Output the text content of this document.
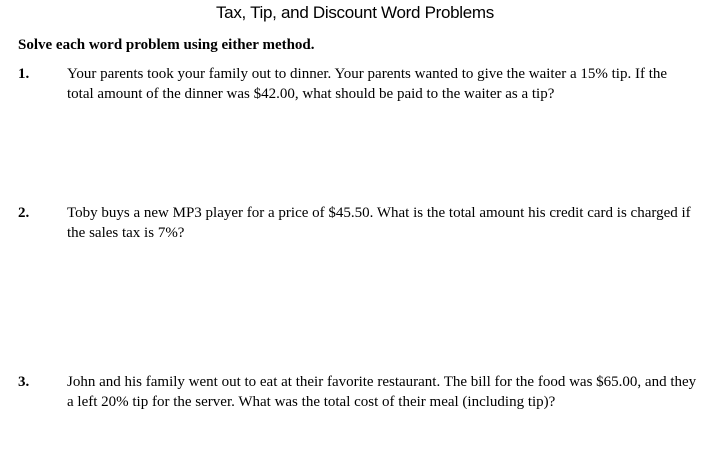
Tax, Tip, and Discount Word Problems
Solve each word problem using either method.
1.	Your parents took your family out to dinner. Your parents wanted to give the waiter a 15% tip. If the total amount of the dinner was $42.00, what should be paid to the waiter as a tip?
2.	Toby buys a new MP3 player for a price of $45.50. What is the total amount his credit card is charged if the sales tax is 7%?
3.	John and his family went out to eat at their favorite restaurant. The bill for the food was $65.00, and they a left 20% tip for the server. What was the total cost of their meal (including tip)?
